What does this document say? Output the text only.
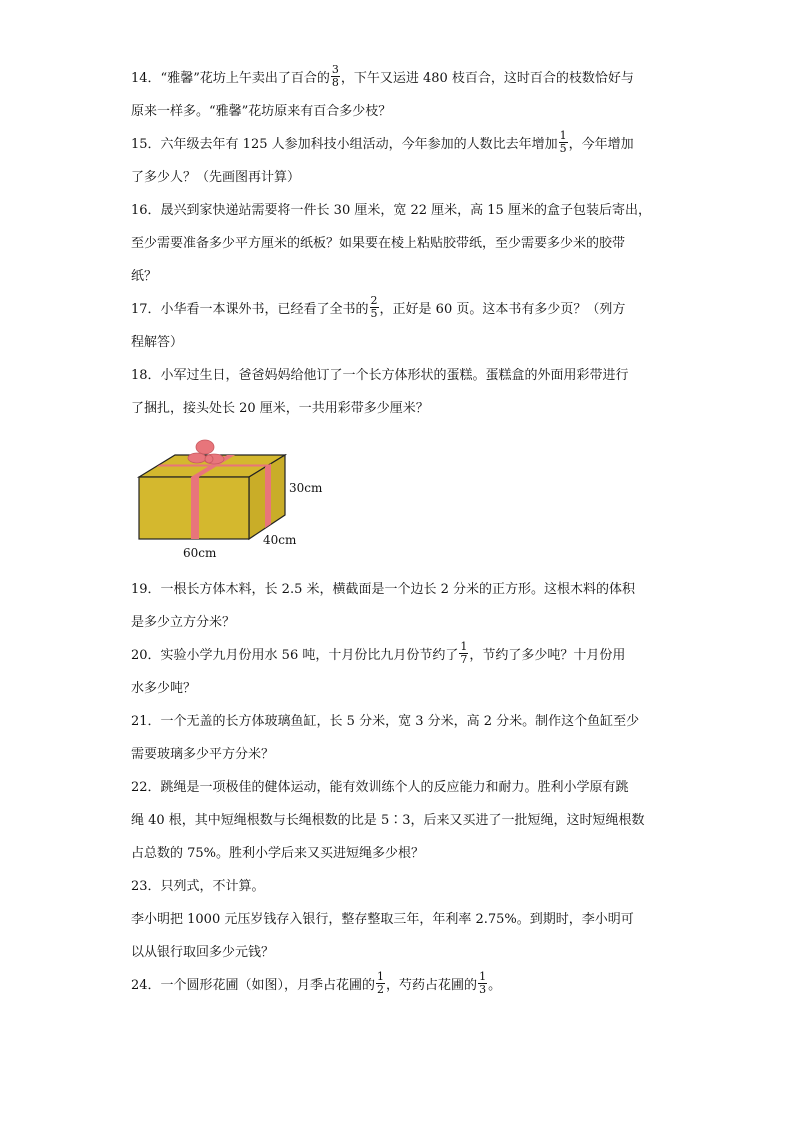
14．“雅馨”花坊上午卖出了百合的 $\frac{3}{8}$ ，下午又运进 480 枝百合，这时百合的枝数恰好与
原来一样多。“雅馨”花坊原来有百合多少枝？
15．六年级去年有 125 人参加科技小组活动，今年参加的人数比去年增加 $\frac{1}{5}$ ，今年增加
了多少人？（先画图再计算）
16．晟兴到家快递站需要将一件长 30 厘米，宽 22 厘米，高 15 厘米的盒子包装后寄出，
至少需要准备多少平方厘米的纸板？如果要在棱上粘贴胶带纸，至少需要多少米的胶带
纸？
17．小华看一本课外书，已经看了全书的 $\frac{2}{5}$ ，正好是 60 页。这本书有多少页？（列方
程解答）
18．小军过生日，爸爸妈妈给他订了一个长方体形状的蛋糕。蛋糕盒的外面用彩带进行
了捆扎，接头处长 20 厘米，一共用彩带多少厘米？
30cm
40cm
60cm
19．一根长方体木料，长 2.5 米，横截面是一个边长 2 分米的正方形。这根木料的体积
是多少立方分米？
20．实验小学九月份用水 56 吨，十月份比九月份节约了 $\frac{1}{7}$ ，节约了多少吨？十月份用
水多少吨？
21．一个无盖的长方体玻璃鱼缸，长 5 分米，宽 3 分米，高 2 分米。制作这个鱼缸至少
需要玻璃多少平方分米？
22．跳绳是一项极佳的健体运动，能有效训练个人的反应能力和耐力。胜利小学原有跳
绳 40 根，其中短绳根数与长绳根数的比是 5∶3，后来又买进了一批短绳，这时短绳根数
占总数的 75%。胜利小学后来又买进短绳多少根？
23．只列式，不计算。
李小明把 1000 元压岁钱存入银行，整存整取三年，年利率 2.75%。到期时，李小明可
以从银行取回多少元钱？
24．一个圆形花圃（如图），月季占花圃的 $\frac{1}{2}$ ，芍药占花圃的 $\frac{1}{3}$ 。
